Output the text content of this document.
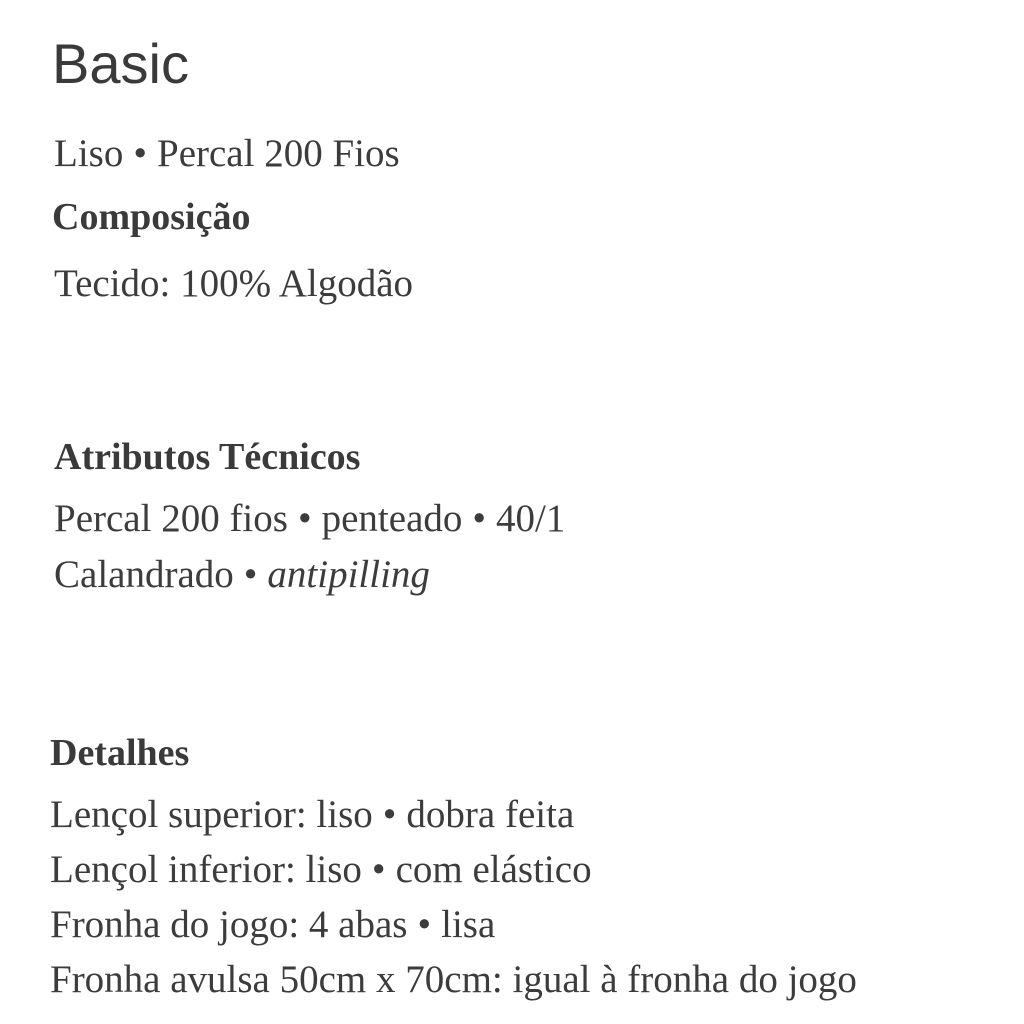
Basic

Liso • Percal 200 Fios

Composição

Tecido: 100% Algodão

Atributos Técnicos

Percal 200 fios • penteado • 40/1

Calandrado • antipilling

Detalhes

Lençol superior: liso • dobra feita

Lençol inferior: liso • com elástico

Fronha do jogo: 4 abas • lisa

Fronha avulsa 50cm x 70cm: igual à fronha do jogo
